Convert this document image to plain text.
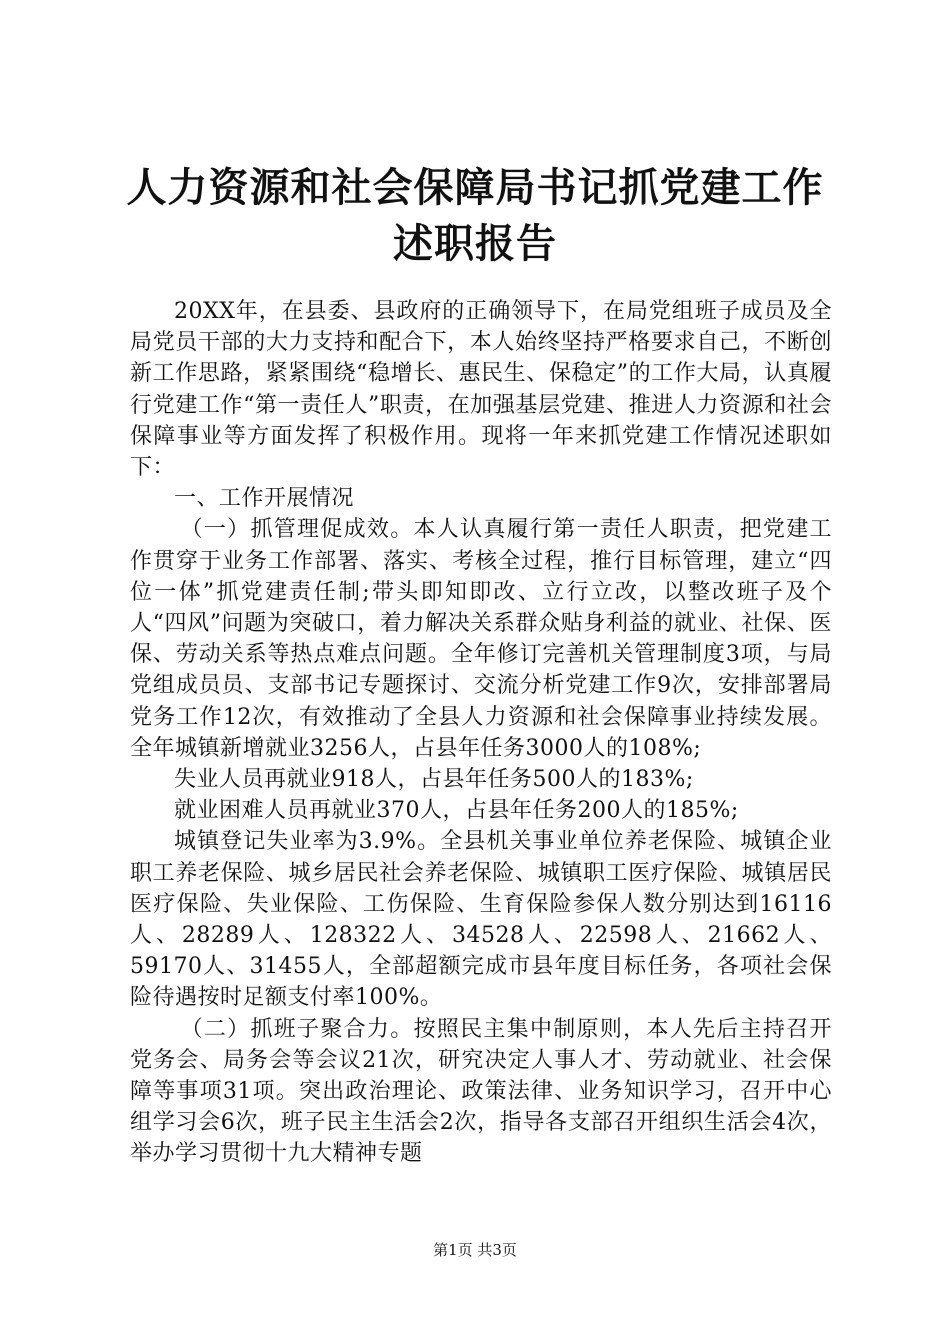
人力资源和社会保障局书记抓党建工作述职报告

20XX年，在县委、县政府的正确领导下，在局党组班子成员及全局党员干部的大力支持和配合下，本人始终坚持严格要求自己，不断创新工作思路，紧紧围绕“稳增长、惠民生、保稳定”的工作大局，认真履行党建工作“第一责任人”职责，在加强基层党建、推进人力资源和社会保障事业等方面发挥了积极作用。现将一年来抓党建工作情况述职如下：

一、工作开展情况

（一）抓管理促成效。本人认真履行第一责任人职责，把党建工作贯穿于业务工作部署、落实、考核全过程，推行目标管理，建立“四位一体”抓党建责任制;带头即知即改、立行立改，以整改班子及个人“四风”问题为突破口，着力解决关系群众贴身利益的就业、社保、医保、劳动关系等热点难点问题。全年修订完善机关管理制度3项，与局党组成员员、支部书记专题探讨、交流分析党建工作9次，安排部署局党务工作12次，有效推动了全县人力资源和社会保障事业持续发展。全年城镇新增就业3256人，占县年任务3000人的108%;

失业人员再就业918人，占县年任务500人的183%;

就业困难人员再就业370人，占县年任务200人的185%;

城镇登记失业率为3.9%。全县机关事业单位养老保险、城镇企业职工养老保险、城乡居民社会养老保险、城镇职工医疗保险、城镇居民医疗保险、失业保险、工伤保险、生育保险参保人数分别达到16116人、28289人、128322人、34528人、22598人、21662人、59170人、31455人，全部超额完成市县年度目标任务，各项社会保险待遇按时足额支付率100%。

（二）抓班子聚合力。按照民主集中制原则，本人先后主持召开党务会、局务会等会议21次，研究决定人事人才、劳动就业、社会保障等事项31项。突出政治理论、政策法律、业务知识学习，召开中心组学习会6次，班子民主生活会2次，指导各支部召开组织生活会4次，举办学习贯彻十九大精神专题

第1页 共3页
